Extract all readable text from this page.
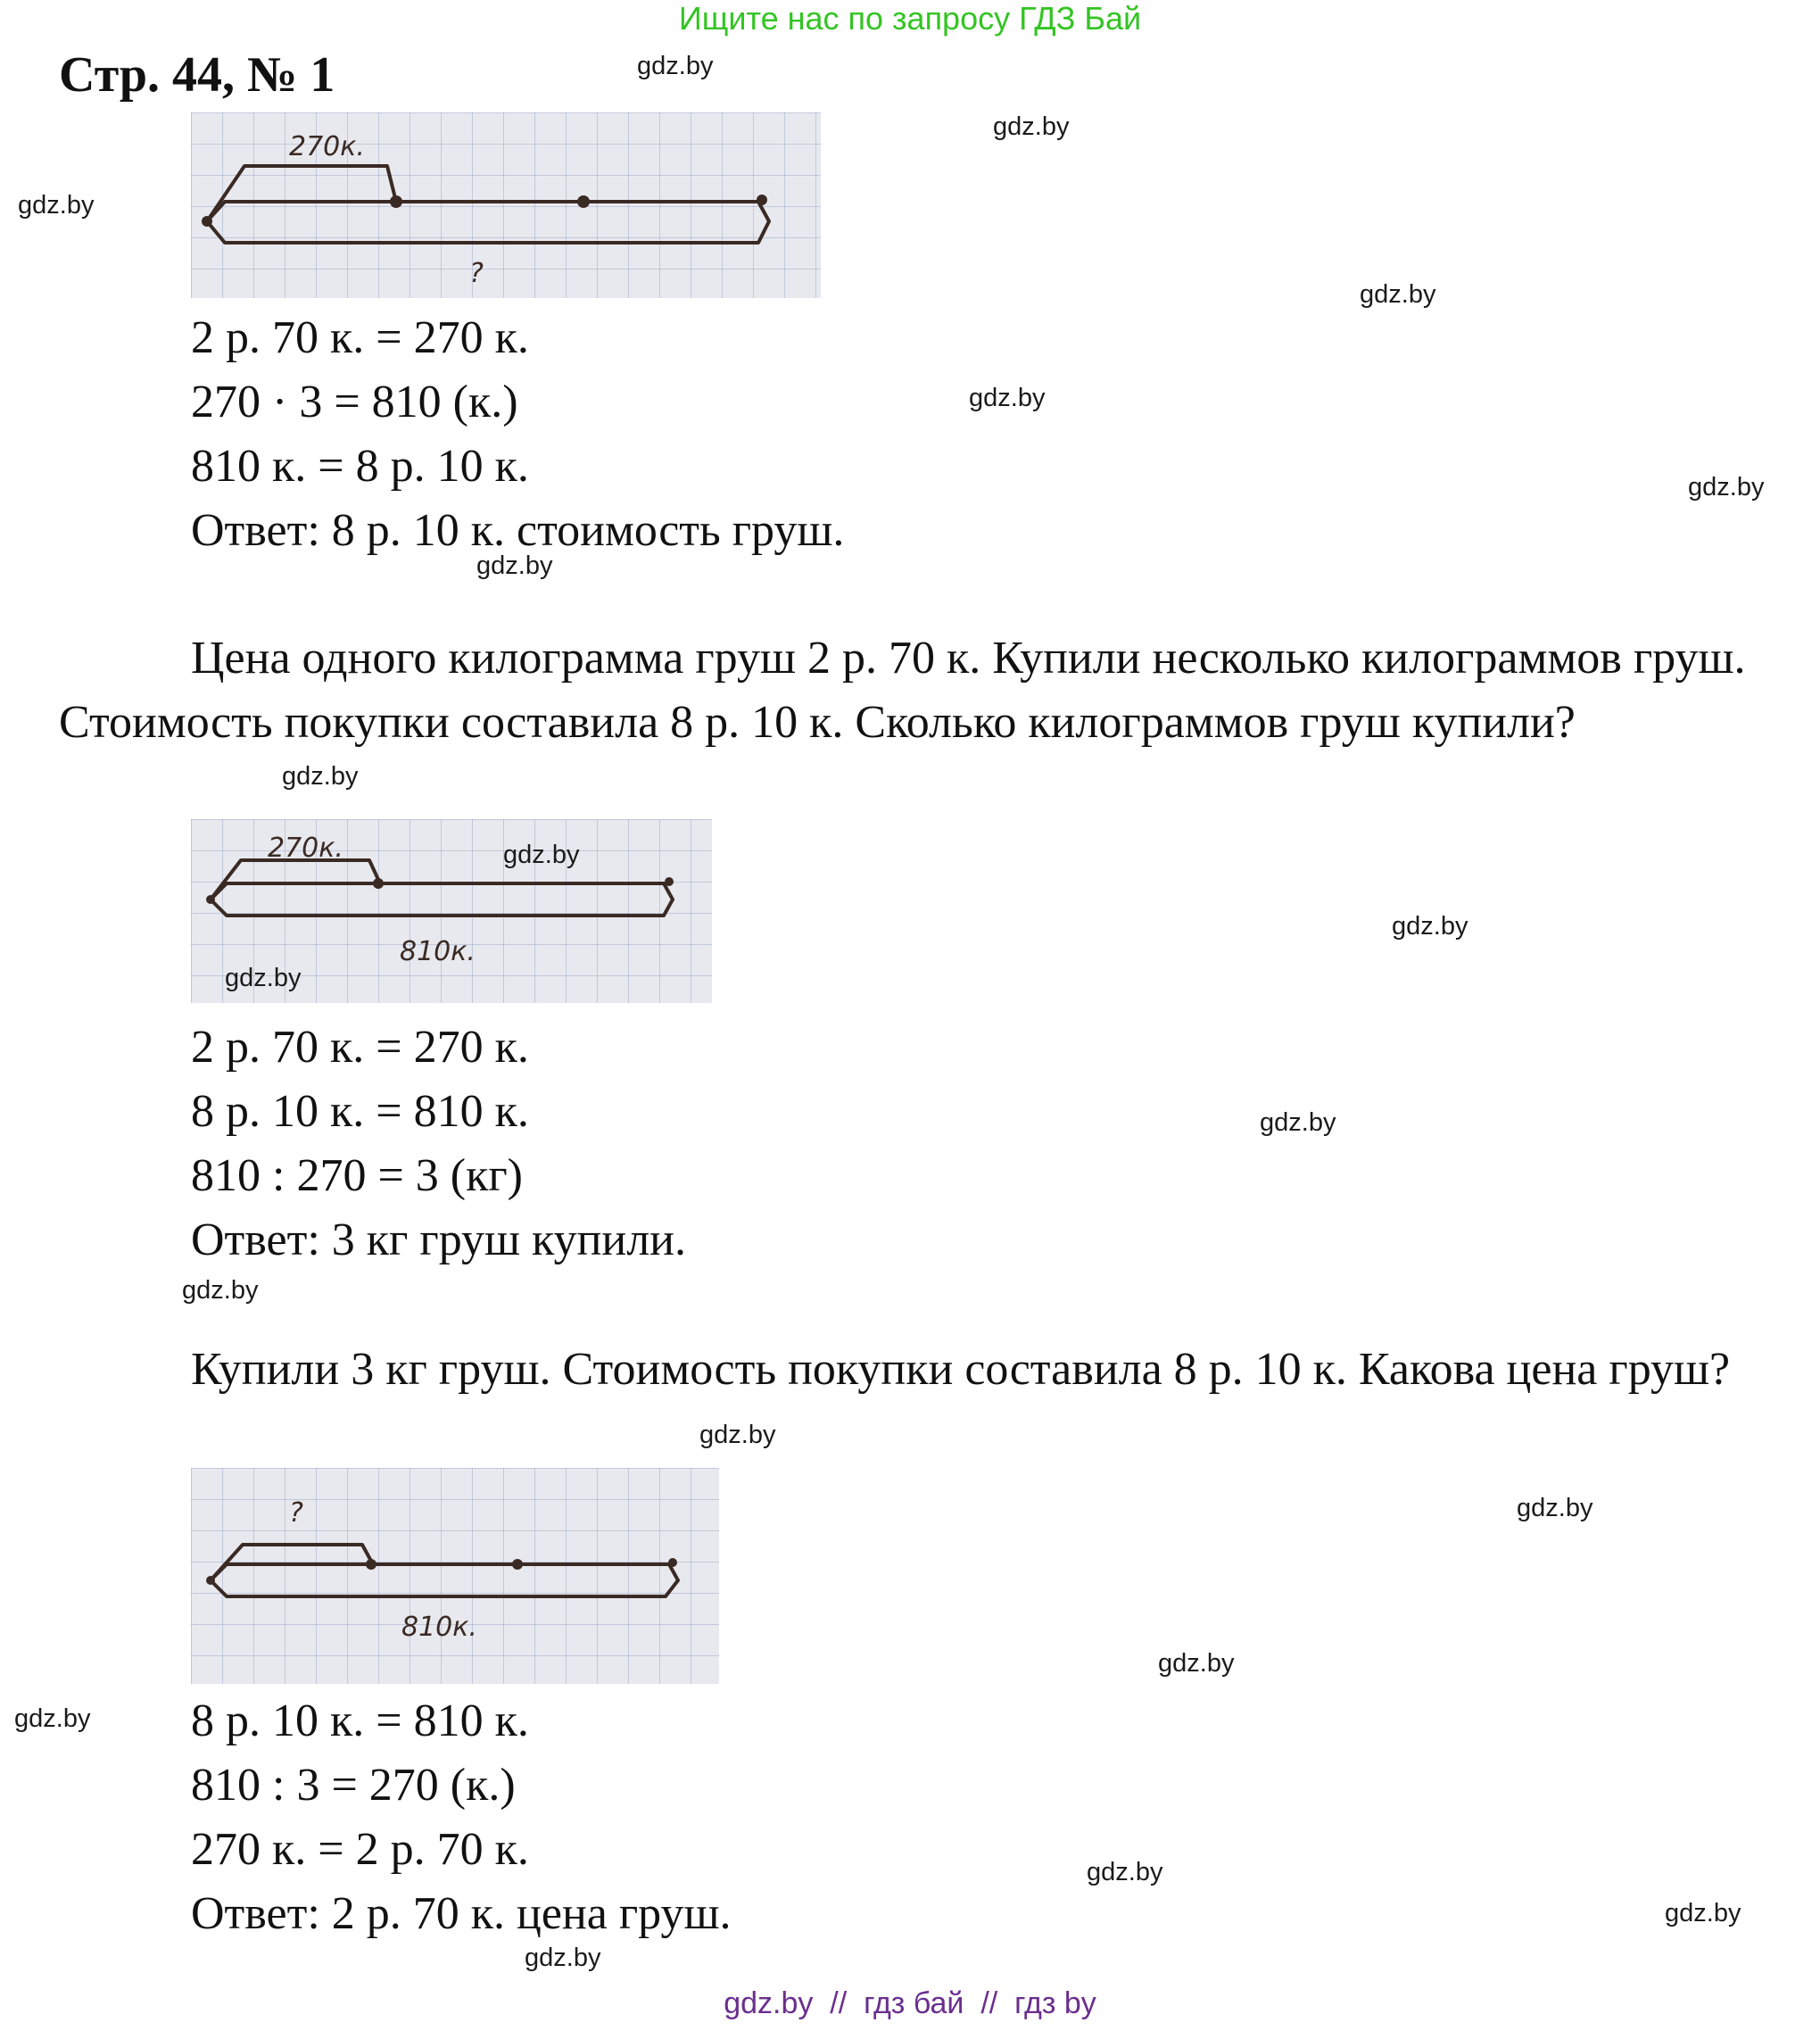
Ищите нас по запросу ГДЗ Бай
Стр. 44, № 1
270к.
?
2 р. 70 к. = 270 к.
270 · 3 = 810 (к.)
810 к. = 8 р. 10 к.
Ответ: 8 р. 10 к. стоимость груш.
Цена одного килограмма груш 2 р. 70 к. Купили несколько килограммов груш. Стоимость покупки составила 8 р. 10 к. Сколько килограммов груш купили?
270к.
810к.
2 р. 70 к. = 270 к.
8 р. 10 к. = 810 к.
810 : 270 = 3 (кг)
Ответ: 3 кг груш купили.
Купили 3 кг груш. Стоимость покупки составила 8 р. 10 к. Какова цена груш?
?
810к.
8 р. 10 к. = 810 к.
810 : 3 = 270 (к.)
270 к. = 2 р. 70 к.
Ответ: 2 р. 70 к. цена груш.
gdz.by
gdz.by
gdz.by
gdz.by
gdz.by
gdz.by
gdz.by
gdz.by
gdz.by
gdz.by
gdz.by
gdz.by
gdz.by
gdz.by
gdz.by
gdz.by
gdz.by
gdz.by
gdz.by
gdz.by
gdz.by  //  гдз бай  //  гдз by
